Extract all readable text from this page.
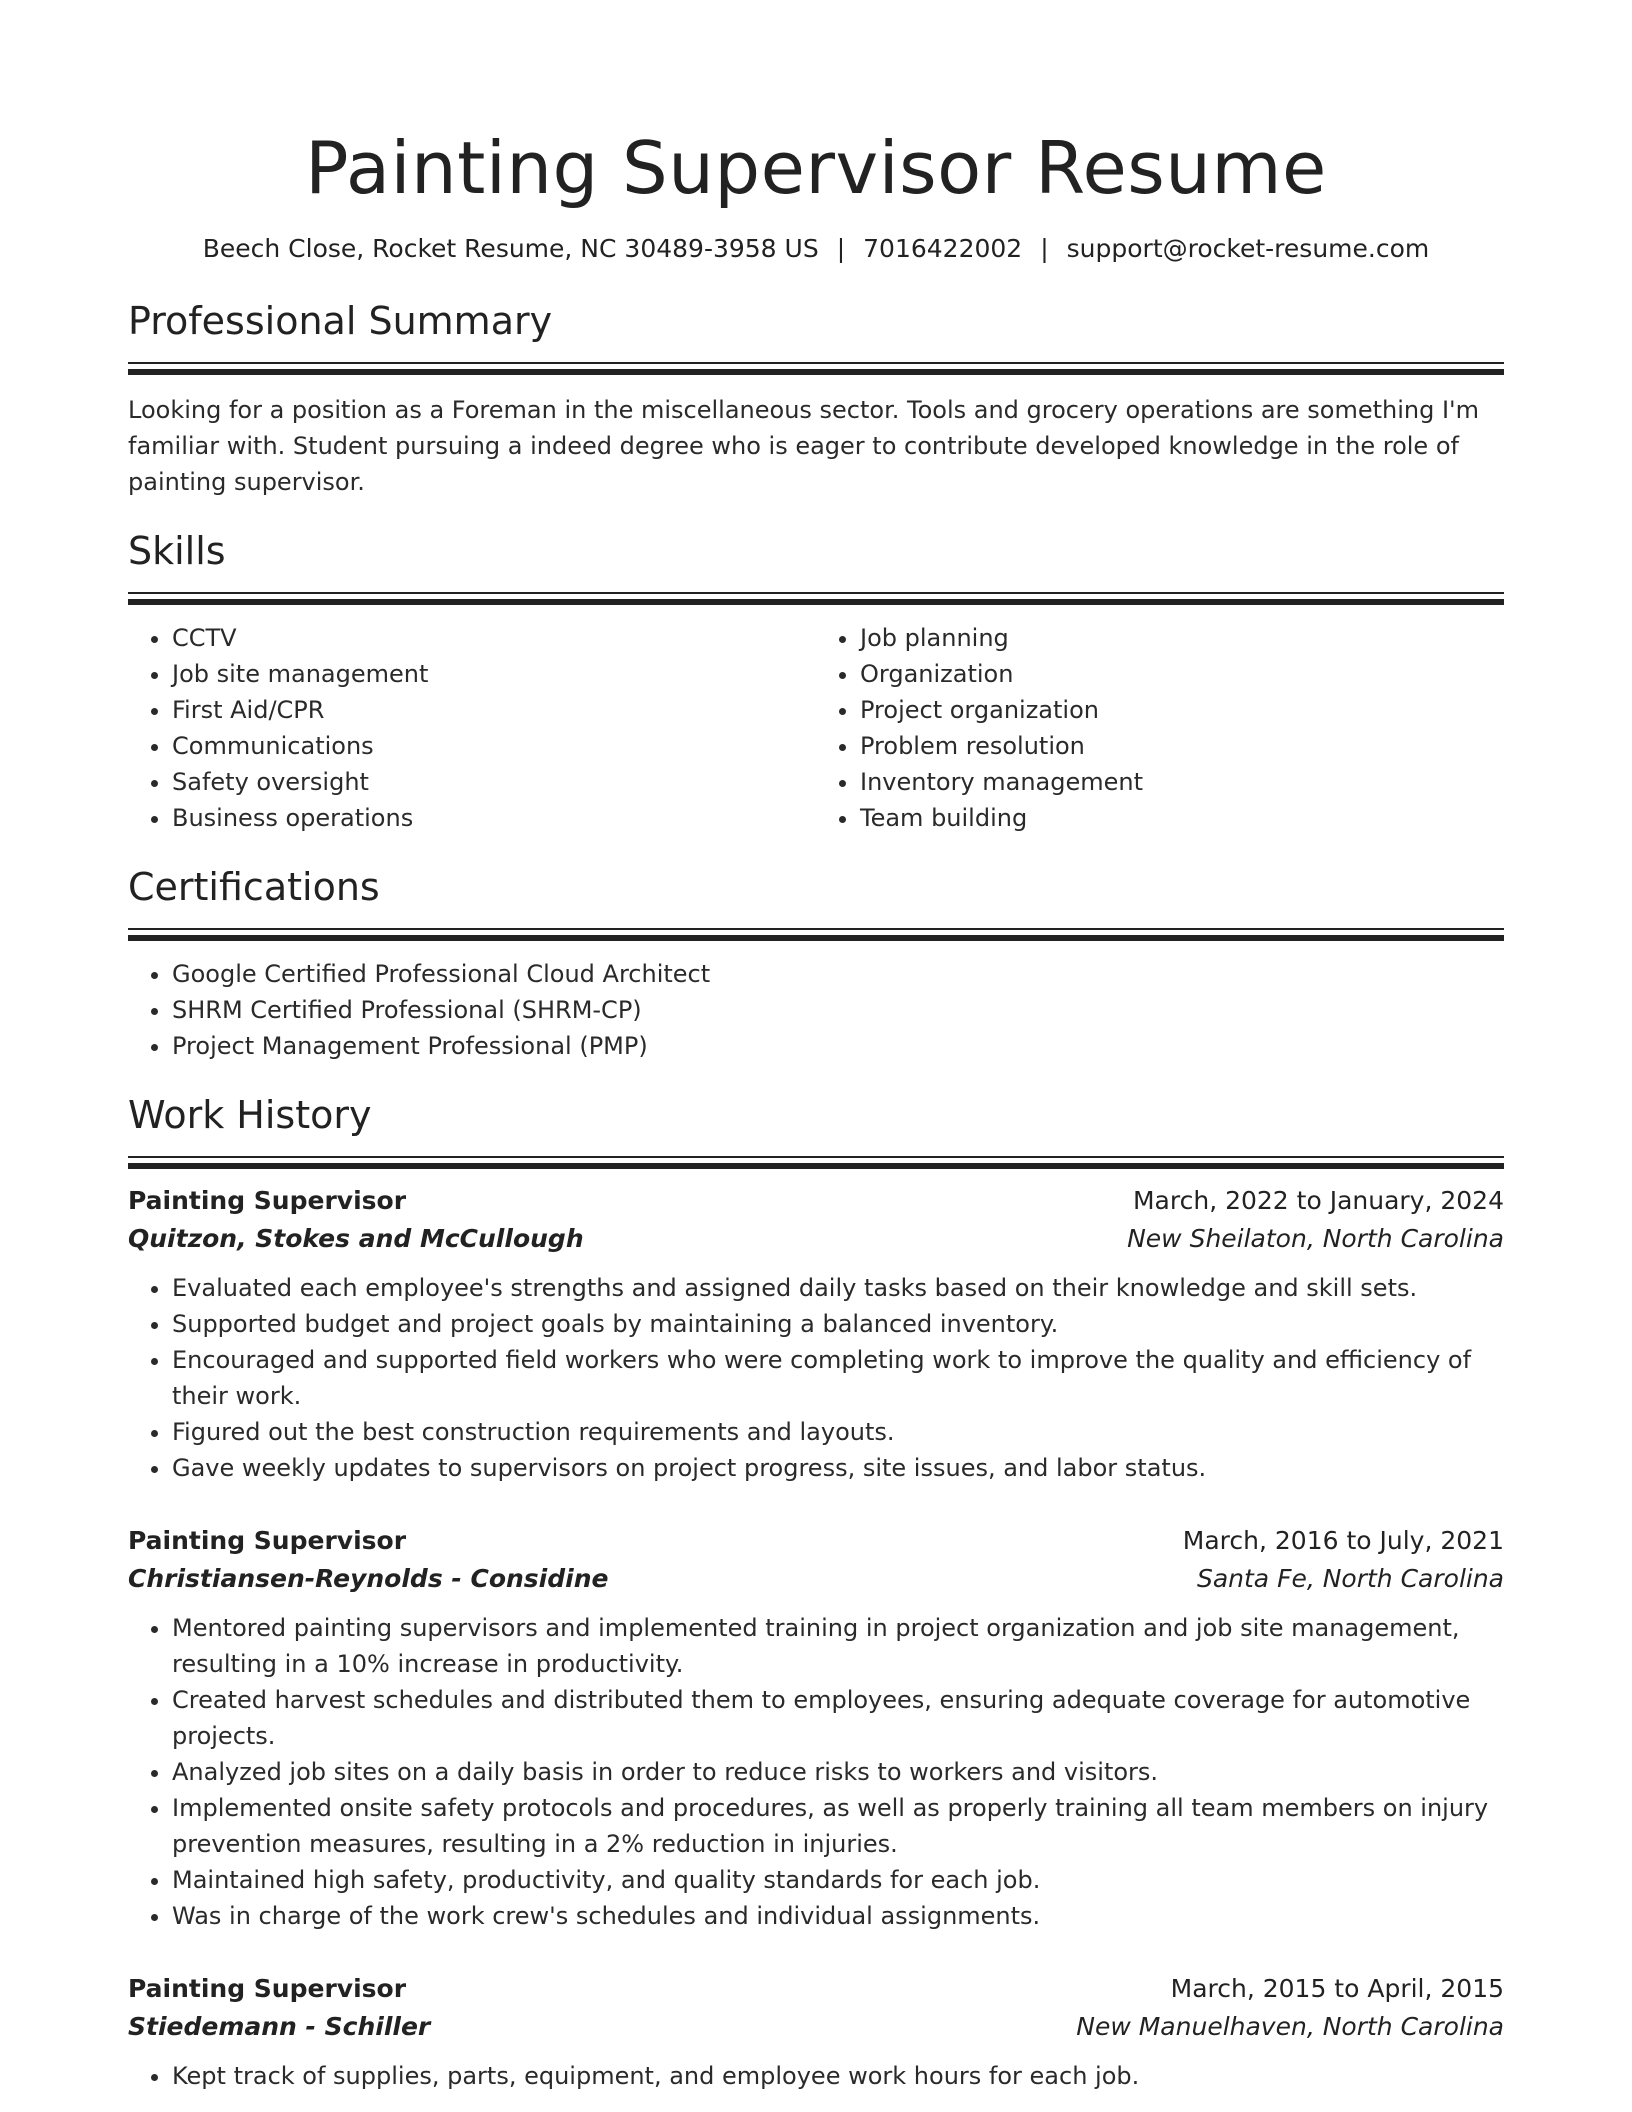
Painting Supervisor Resume
Beech Close, Rocket Resume, NC 30489-3958 US | 7016422002 | support@rocket-resume.com
Professional Summary
Looking for a position as a Foreman in the miscellaneous sector. Tools and grocery operations are something I'm familiar with. Student pursuing a indeed degree who is eager to contribute developed knowledge in the role of painting supervisor.
Skills
• CCTV
• Job site management
• First Aid/CPR
• Communications
• Safety oversight
• Business operations
• Job planning
• Organization
• Project organization
• Problem resolution
• Inventory management
• Team building
Certifications
• Google Certified Professional Cloud Architect
• SHRM Certified Professional (SHRM-CP)
• Project Management Professional (PMP)
Work History
Painting Supervisor	March, 2022 to January, 2024
Quitzon, Stokes and McCullough	New Sheilaton, North Carolina
• Evaluated each employee's strengths and assigned daily tasks based on their knowledge and skill sets.
• Supported budget and project goals by maintaining a balanced inventory.
• Encouraged and supported field workers who were completing work to improve the quality and efficiency of their work.
• Figured out the best construction requirements and layouts.
• Gave weekly updates to supervisors on project progress, site issues, and labor status.
Painting Supervisor	March, 2016 to July, 2021
Christiansen-Reynolds - Considine	Santa Fe, North Carolina
• Mentored painting supervisors and implemented training in project organization and job site management, resulting in a 10% increase in productivity.
• Created harvest schedules and distributed them to employees, ensuring adequate coverage for automotive projects.
• Analyzed job sites on a daily basis in order to reduce risks to workers and visitors.
• Implemented onsite safety protocols and procedures, as well as properly training all team members on injury prevention measures, resulting in a 2% reduction in injuries.
• Maintained high safety, productivity, and quality standards for each job.
• Was in charge of the work crew's schedules and individual assignments.
Painting Supervisor	March, 2015 to April, 2015
Stiedemann - Schiller	New Manuelhaven, North Carolina
• Kept track of supplies, parts, equipment, and employee work hours for each job.
